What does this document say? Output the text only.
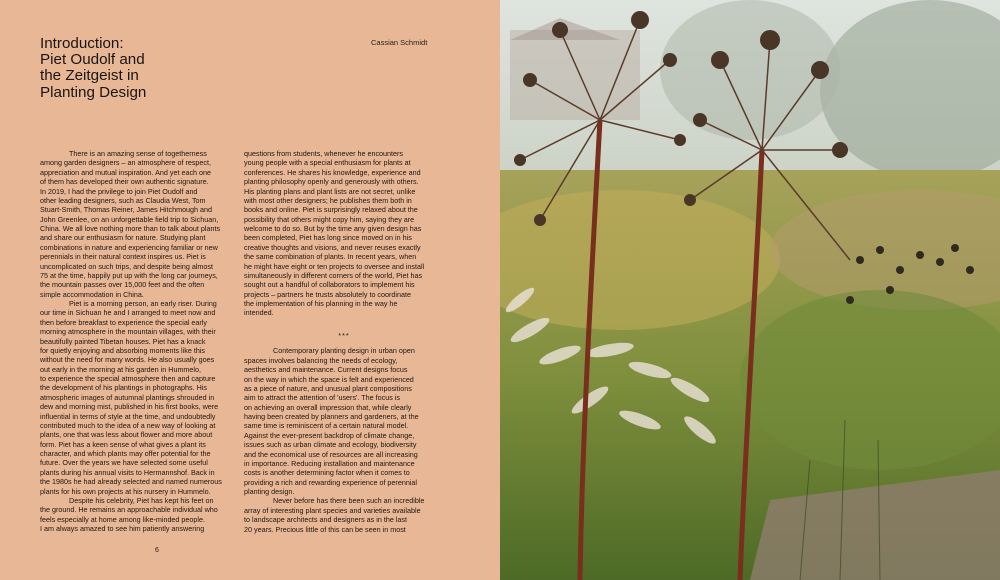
Introduction:
Piet Oudolf and
the Zeitgeist in
Planting Design
Cassian Schmidt
There is an amazing sense of togetherness
among garden designers – an atmosphere of respect,
appreciation and mutual inspiration. And yet each one
of them has developed their own authentic signature.
In 2019, I had the privilege to join Piet Oudolf and
other leading designers, such as Claudia West, Tom
Stuart-Smith, Thomas Reiner, James Hitchmough and
John Greenlee, on an unforgettable field trip to Sichuan,
China. We all love nothing more than to talk about plants
and share our enthusiasm for nature. Studying plant
combinations in nature and experiencing familiar or new
perennials in their natural context inspires us. Piet is
uncomplicated on such trips, and despite being almost
75 at the time, happily put up with the long car journeys,
the mountain passes over 15,000 feet and the often
simple accommodation in China.
Piet is a morning person, an early riser. During
our time in Sichuan he and I arranged to meet now and
then before breakfast to experience the special early
morning atmosphere in the mountain villages, with their
beautifully painted Tibetan houses. Piet has a knack
for quietly enjoying and absorbing moments like this
without the need for many words. He also usually goes
out early in the morning at his garden in Hummelo,
to experience the special atmosphere then and capture
the development of his plantings in photographs. His
atmospheric images of autumnal plantings shrouded in
dew and morning mist, published in his first books, were
influential in terms of style at the time, and undoubtedly
contributed much to the idea of a new way of looking at
plants, one that was less about flower and more about
form. Piet has a keen sense of what gives a plant its
character, and which plants may offer potential for the
future. Over the years we have selected some useful
plants during his annual visits to Hermannshof. Back in
the 1980s he had already selected and named numerous
plants for his own projects at his nursery in Hummelo.
Despite his celebrity, Piet has kept his feet on
the ground. He remains an approachable individual who
feels especially at home among like-minded people.
I am always amazed to see him patiently answering
questions from students, whenever he encounters
young people with a special enthusiasm for plants at
conferences. He shares his knowledge, experience and
planting philosophy openly and generously with others.
His planting plans and plant lists are not secret, unlike
with most other designers; he publishes them both in
books and online. Piet is surprisingly relaxed about the
possibility that others might copy him, saying they are
welcome to do so. But by the time any given design has
been completed, Piet has long since moved on in his
creative thoughts and visions, and never reuses exactly
the same combination of plants. In recent years, when
he might have eight or ten projects to oversee and install
simultaneously in different corners of the world, Piet has
sought out a handful of collaborators to implement his
projects – partners he trusts absolutely to coordinate
the implementation of his planning in the way he
intended.
***
Contemporary planting design in urban open
spaces involves balancing the needs of ecology,
aesthetics and maintenance. Current designs focus
on the way in which the space is felt and experienced
as a piece of nature, and unusual plant compositions
aim to attract the attention of 'users'. The focus is
on achieving an overall impression that, while clearly
having been created by planners and gardeners, at the
same time is reminiscent of a certain natural model.
Against the ever-present backdrop of climate change,
issues such as urban climate and ecology, biodiversity
and the economical use of resources are all increasing
in importance. Reducing installation and maintenance
costs is another determining factor when it comes to
providing a rich and rewarding experience of perennial
planting design.
Never before has there been such an incredible
array of interesting plant species and varieties available
to landscape architects and designers as in the last
20 years. Precious little of this can be seen in most
6
